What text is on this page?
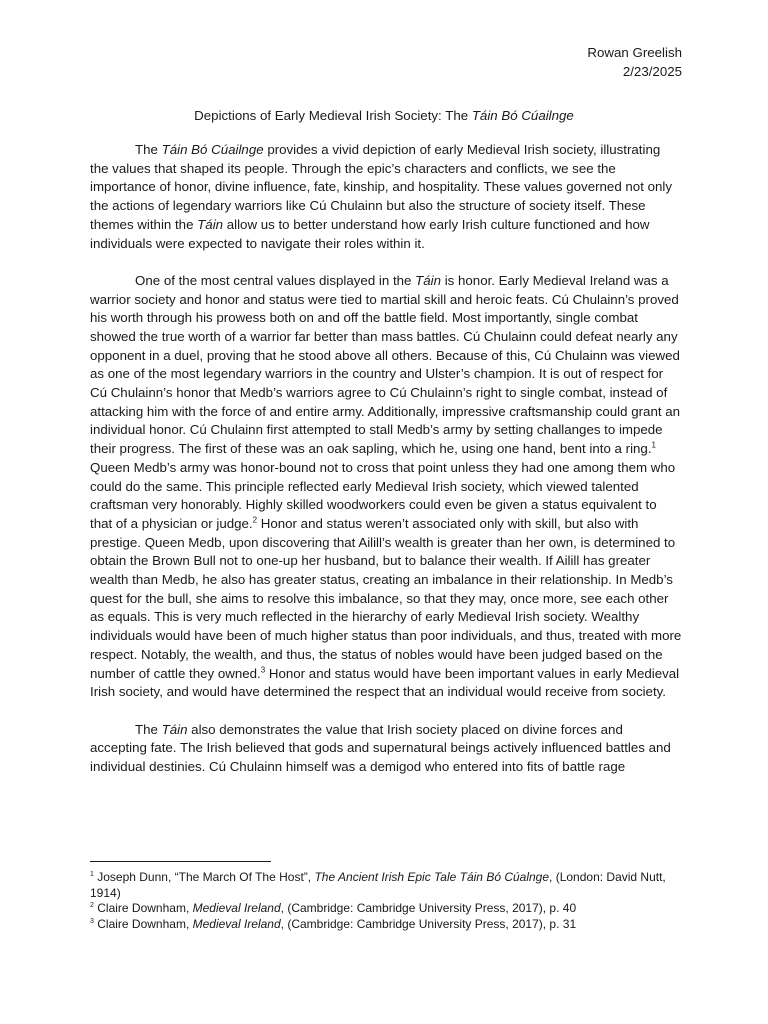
Rowan Greelish
2/23/2025
Depictions of Early Medieval Irish Society: The Táin Bó Cúailnge

The Táin Bó Cúailnge provides a vivid depiction of early Medieval Irish society, illustrating the values that shaped its people. Through the epic’s characters and conflicts, we see the importance of honor, divine influence, fate, kinship, and hospitality. These values governed not only the actions of legendary warriors like Cú Chulainn but also the structure of society itself. These themes within the Táin allow us to better understand how early Irish culture functioned and how individuals were expected to navigate their roles within it.

One of the most central values displayed in the Táin is honor. Early Medieval Ireland was a warrior society and honor and status were tied to martial skill and heroic feats. Cú Chulainn’s proved his worth through his prowess both on and off the battle field. Most importantly, single combat showed the true worth of a warrior far better than mass battles. Cú Chulainn could defeat nearly any opponent in a duel, proving that he stood above all others. Because of this, Cú Chulainn was viewed as one of the most legendary warriors in the country and Ulster’s champion. It is out of respect for Cú Chulainn’s honor that Medb’s warriors agree to Cú Chulainn’s right to single combat, instead of attacking him with the force of and entire army. Additionally, impressive craftsmanship could grant an individual honor. Cú Chulainn first attempted to stall Medb’s army by setting challanges to impede their progress. The first of these was an oak sapling, which he, using one hand, bent into a ring.$^1$ Queen Medb’s army was honor-bound not to cross that point unless they had one among them who could do the same. This principle reflected early Medieval Irish society, which viewed talented craftsman very honorably. Highly skilled woodworkers could even be given a status equivalent to that of a physician or judge.$^2$ Honor and status weren’t associated only with skill, but also with prestige. Queen Medb, upon discovering that Ailill’s wealth is greater than her own, is determined to obtain the Brown Bull not to one-up her husband, but to balance their wealth. If Ailill has greater wealth than Medb, he also has greater status, creating an imbalance in their relationship. In Medb’s quest for the bull, she aims to resolve this imbalance, so that they may, once more, see each other as equals. This is very much reflected in the hierarchy of early Medieval Irish society. Wealthy individuals would have been of much higher status than poor individuals, and thus, treated with more respect. Notably, the wealth, and thus, the status of nobles would have been judged based on the number of cattle they owned.$^3$ Honor and status would have been important values in early Medieval Irish society, and would have determined the respect that an individual would receive from society.

The Táin also demonstrates the value that Irish society placed on divine forces and accepting fate. The Irish believed that gods and supernatural beings actively influenced battles and individual destinies. Cú Chulainn himself was a demigod who entered into fits of battle rage

$^1$ Joseph Dunn, “The March Of The Host”, The Ancient Irish Epic Tale Táin Bó Cúalnge, (London: David Nutt, 1914)

$^2$ Claire Downham, Medieval Ireland, (Cambridge: Cambridge University Press, 2017), p. 40

$^3$ Claire Downham, Medieval Ireland, (Cambridge: Cambridge University Press, 2017), p. 31
